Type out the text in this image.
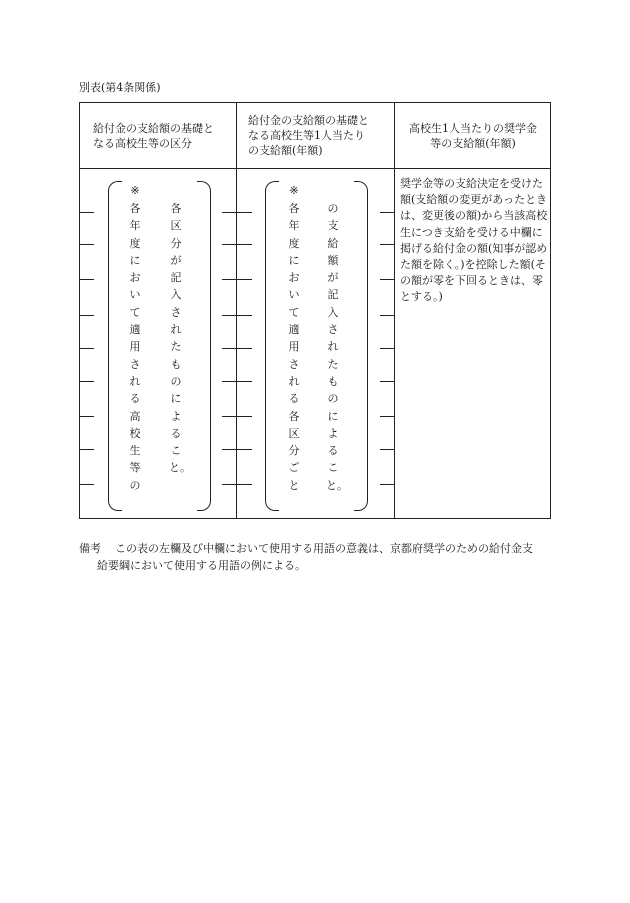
別表(第4条関係)
給付金の支給額の基礎と
なる高校生等の区分
給付金の支給額の基礎と
なる高校生等1人当たり
の支給額(年額)
高校生1人当たりの奨学金
等の支給額(年額)
※
各年度において適用される高校生等の
各区分が記入されたものによること。
※
各年度において適用される各区分ごと
の支給額が記入されたものによること。
奨学金等の支給決定を受けた額(支給額の変更があったときは、変更後の額)から当該高校生につき支給を受ける中欄に掲げる給付金の額(知事が認めた額を除く。)を控除した額(その額が零を下回るときは、零とする。)
備考 この表の左欄及び中欄において使用する用語の意義は、京都府奨学のための給付金支
給要綱において使用する用語の例による。
